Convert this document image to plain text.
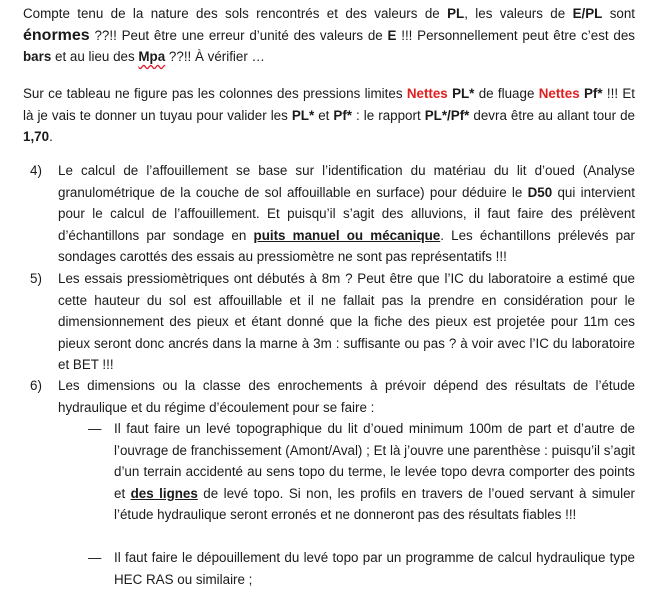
Compte tenu de la nature des sols rencontrés et des valeurs de PL, les valeurs de E/PL sont énormes ??!! Peut être une erreur d’unité des valeurs de E !!! Personnellement peut être c’est des bars et au lieu des Mpa ??!! À vérifier …

Sur ce tableau ne figure pas les colonnes des pressions limites Nettes PL* de fluage Nettes Pf* !!! Et là je vais te donner un tuyau pour valider les PL* et Pf* : le rapport PL*/Pf* devra être au allant tour de 1,70.

4)	Le calcul de l’affouillement se base sur l’identification du matériau du lit d’oued (Analyse granulométrique de la couche de sol affouillable en surface) pour déduire le D50 qui intervient pour le calcul de l’affouillement. Et puisqu’il s’agit des alluvions, il faut faire des prélèvent d’échantillons par sondage en puits manuel ou mécanique. Les échantillons prélevés par sondages carottés des essais au pressiomètre ne sont pas représentatifs !!!
5)	Les essais pressiomètriques ont débutés à 8m ? Peut être que l’IC du laboratoire a estimé que cette hauteur du sol est affouillable et il ne fallait pas la prendre en considération pour le dimensionnement des pieux et étant donné que la fiche des pieux est projetée pour 11m ces pieux seront donc ancrés dans la marne à 3m : suffisante ou pas ? à voir avec l’IC du laboratoire et BET !!!
6)	Les dimensions ou la classe des enrochements à prévoir dépend des résultats de l’étude hydraulique et du régime d’écoulement pour se faire :
— Il faut faire un levé topographique du lit d’oued minimum 100m de part et d’autre de l’ouvrage de franchissement (Amont/Aval) ; Et là j’ouvre une parenthèse : puisqu’il s’agit d’un terrain accidenté au sens topo du terme, le levée topo devra comporter des points et des lignes de levé topo. Si non, les profils en travers de l’oued servant à simuler l’étude hydraulique seront erronés et ne donneront pas des résultats fiables !!!
— Il faut faire le dépouillement du levé topo par un programme de calcul hydraulique type HEC RAS ou similaire ;
